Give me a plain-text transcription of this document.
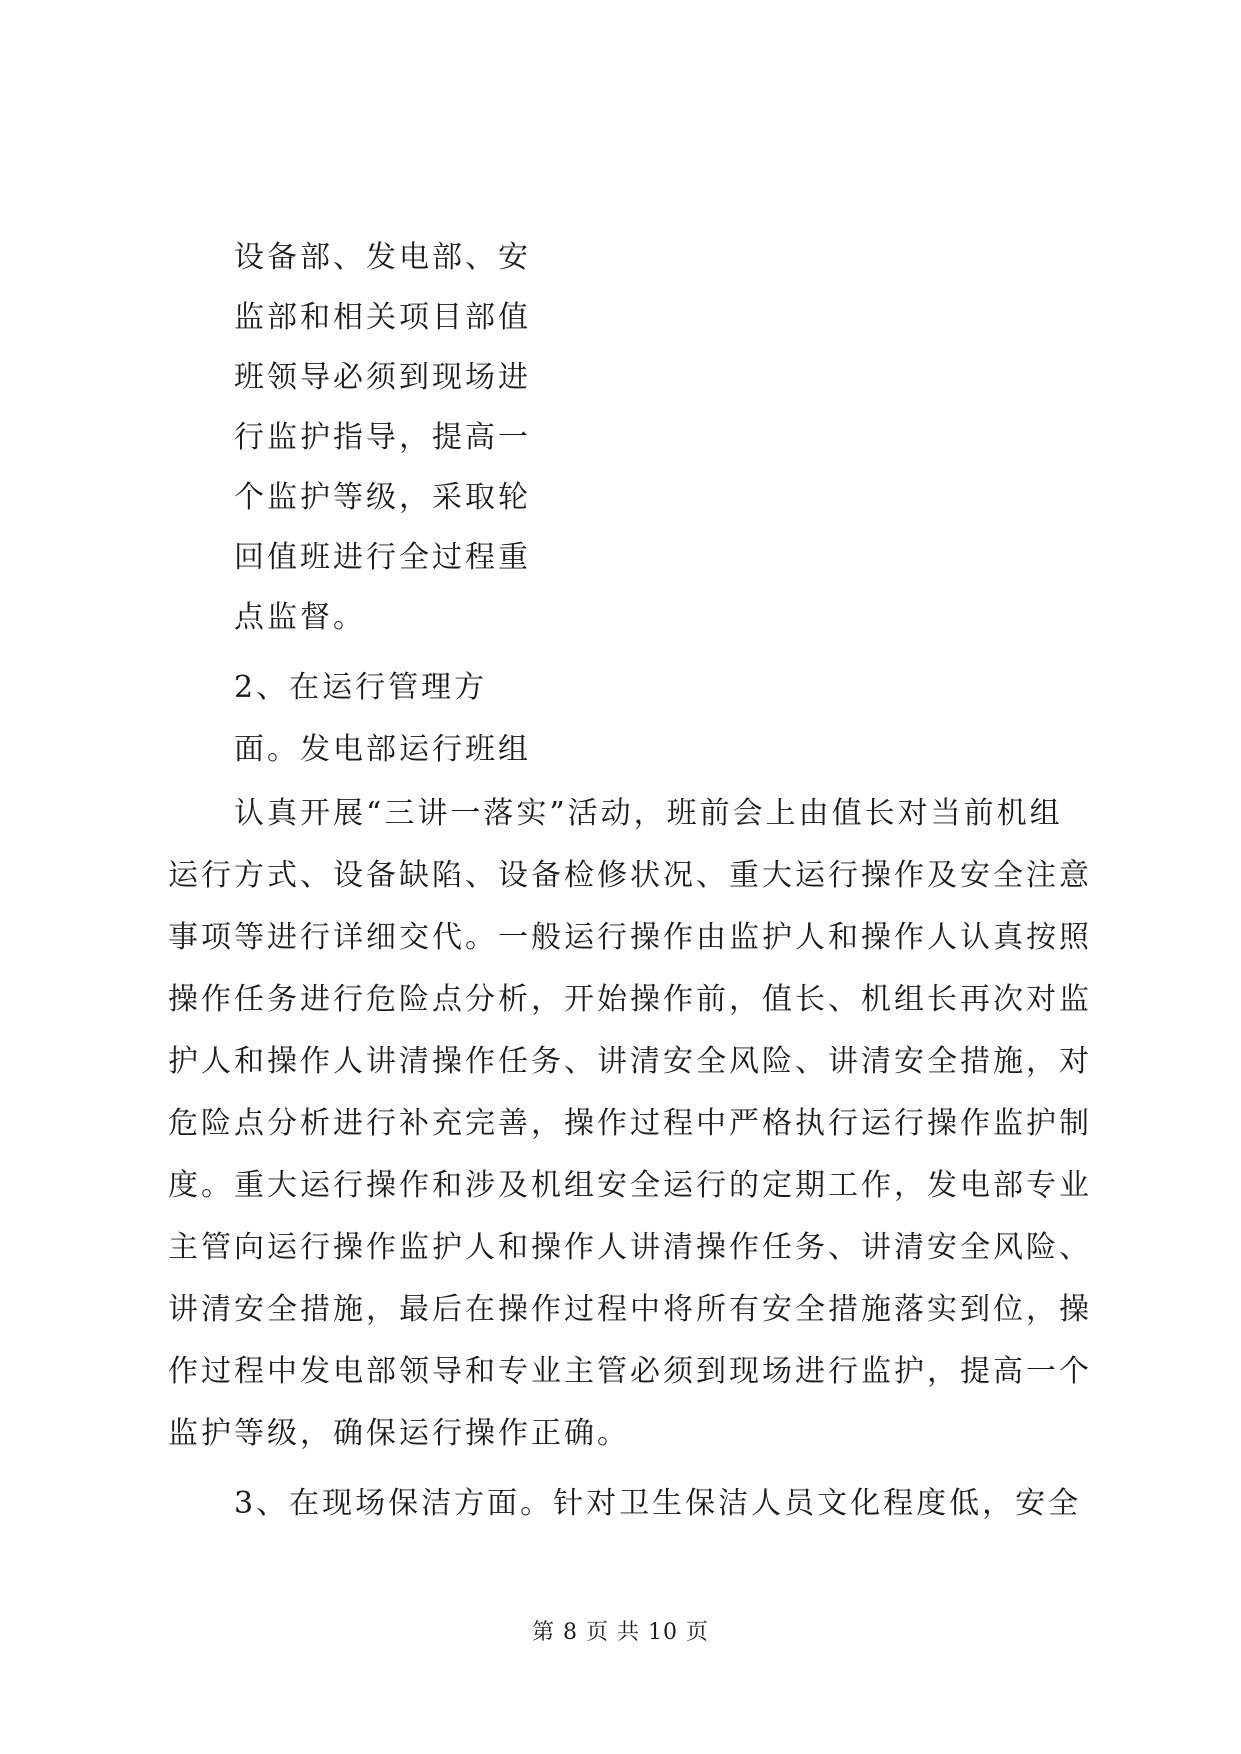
设备部、发电部、安
监部和相关项目部值
班领导必须到现场进
行监护指导，提高一
个监护等级，采取轮
回值班进行全过程重
点监督。
2、在运行管理方
面。发电部运行班组
认真开展“三讲一落实”活动，班前会上由值长对当前机组
运行方式、设备缺陷、设备检修状况、重大运行操作及安全注意
事项等进行详细交代。一般运行操作由监护人和操作人认真按照
操作任务进行危险点分析，开始操作前，值长、机组长再次对监
护人和操作人讲清操作任务、讲清安全风险、讲清安全措施，对
危险点分析进行补充完善，操作过程中严格执行运行操作监护制
度。重大运行操作和涉及机组安全运行的定期工作，发电部专业
主管向运行操作监护人和操作人讲清操作任务、讲清安全风险、
讲清安全措施，最后在操作过程中将所有安全措施落实到位，操
作过程中发电部领导和专业主管必须到现场进行监护，提高一个
监护等级，确保运行操作正确。
3、在现场保洁方面。针对卫生保洁人员文化程度低，安全
第 8 页 共 10 页
